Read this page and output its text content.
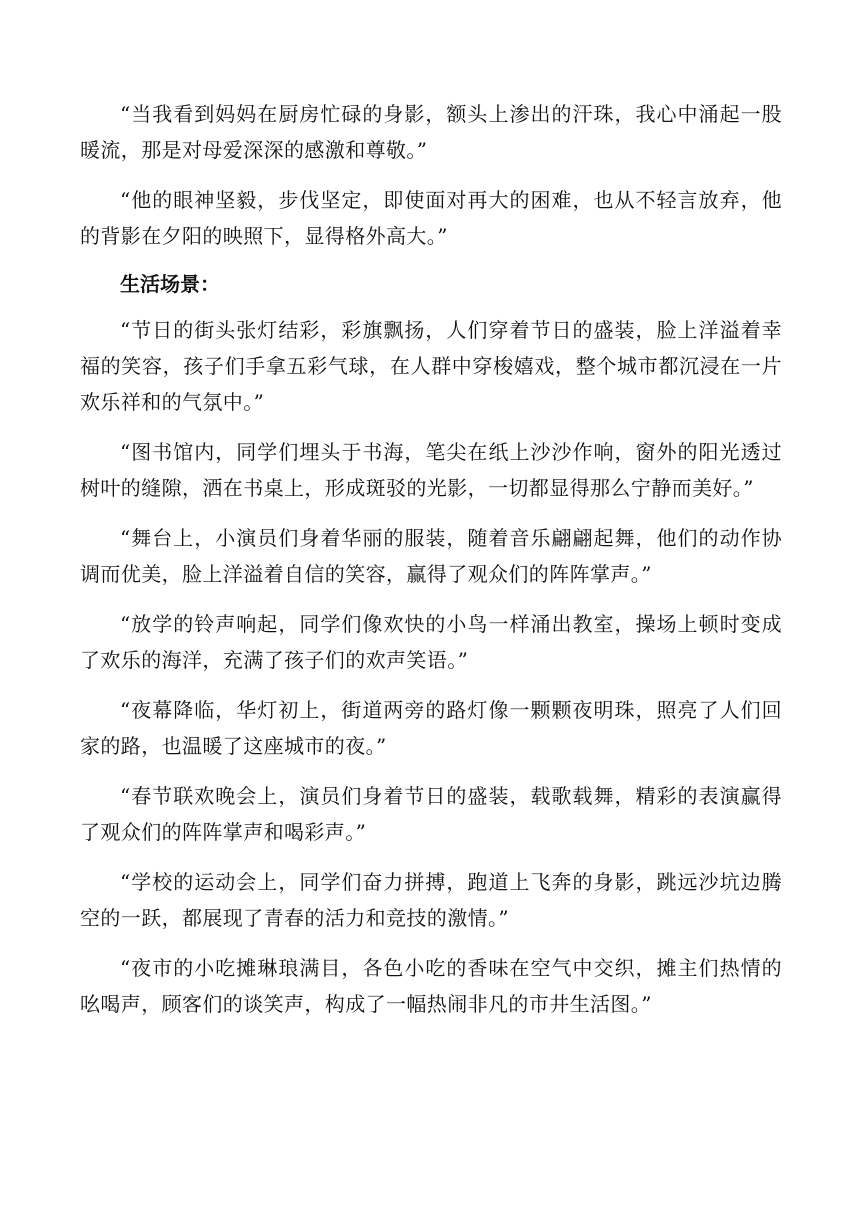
“当我看到妈妈在厨房忙碌的身影，额头上渗出的汗珠，我心中涌起一股暖流，那是对母爱深深的感激和尊敬。”

“他的眼神坚毅，步伐坚定，即使面对再大的困难，也从不轻言放弃，他的背影在夕阳的映照下，显得格外高大。”

生活场景：

“节日的街头张灯结彩，彩旗飘扬，人们穿着节日的盛装，脸上洋溢着幸福的笑容，孩子们手拿五彩气球，在人群中穿梭嬉戏，整个城市都沉浸在一片欢乐祥和的气氛中。”

“图书馆内，同学们埋头于书海，笔尖在纸上沙沙作响，窗外的阳光透过树叶的缝隙，洒在书桌上，形成斑驳的光影，一切都显得那么宁静而美好。”

“舞台上，小演员们身着华丽的服装，随着音乐翩翩起舞，他们的动作协调而优美，脸上洋溢着自信的笑容，赢得了观众们的阵阵掌声。”

“放学的铃声响起，同学们像欢快的小鸟一样涌出教室，操场上顿时变成了欢乐的海洋，充满了孩子们的欢声笑语。”

“夜幕降临，华灯初上，街道两旁的路灯像一颗颗夜明珠，照亮了人们回家的路，也温暖了这座城市的夜。”

“春节联欢晚会上，演员们身着节日的盛装，载歌载舞，精彩的表演赢得了观众们的阵阵掌声和喝彩声。”

“学校的运动会上，同学们奋力拼搏，跑道上飞奔的身影，跳远沙坑边腾空的一跃，都展现了青春的活力和竞技的激情。”

“夜市的小吃摊琳琅满目，各色小吃的香味在空气中交织，摊主们热情的吆喝声，顾客们的谈笑声，构成了一幅热闹非凡的市井生活图。”
